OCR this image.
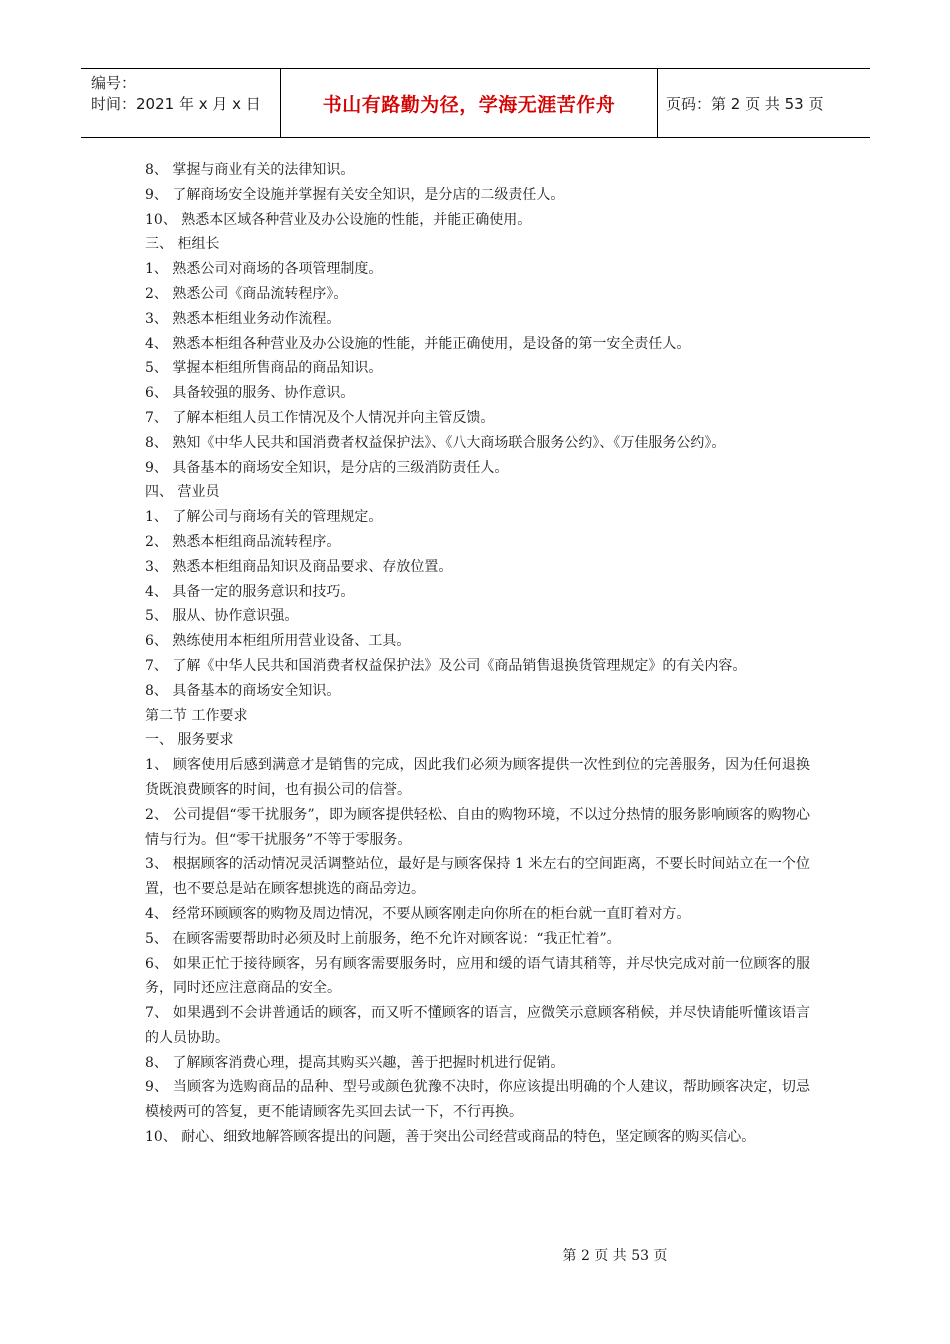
编号：
时间：2021 年 x 月 x 日	书山有路勤为径，学海无涯苦作舟	页码：第 2 页 共 53 页

8、 掌握与商业有关的法律知识。

9、 了解商场安全设施并掌握有关安全知识，是分店的二级责任人。

10、 熟悉本区域各种营业及办公设施的性能，并能正确使用。

三、 柜组长

1、 熟悉公司对商场的各项管理制度。

2、 熟悉公司《商品流转程序》。

3、 熟悉本柜组业务动作流程。

4、 熟悉本柜组各种营业及办公设施的性能，并能正确使用，是设备的第一安全责任人。

5、 掌握本柜组所售商品的商品知识。

6、 具备较强的服务、协作意识。

7、 了解本柜组人员工作情况及个人情况并向主管反馈。

8、 熟知《中华人民共和国消费者权益保护法》、《八大商场联合服务公约》、《万佳服务公约》。

9、 具备基本的商场安全知识，是分店的三级消防责任人。

四、 营业员

1、 了解公司与商场有关的管理规定。

2、 熟悉本柜组商品流转程序。

3、 熟悉本柜组商品知识及商品要求、存放位置。

4、 具备一定的服务意识和技巧。

5、 服从、协作意识强。

6、 熟练使用本柜组所用营业设备、工具。

7、 了解《中华人民共和国消费者权益保护法》及公司《商品销售退换货管理规定》的有关内容。

8、 具备基本的商场安全知识。

第二节 工作要求

一、 服务要求

1、 顾客使用后感到满意才是销售的完成，因此我们必须为顾客提供一次性到位的完善服务，因为任何退换货既浪费顾客的时间，也有损公司的信誉。

2、 公司提倡“零干扰服务”，即为顾客提供轻松、自由的购物环境，不以过分热情的服务影响顾客的购物心情与行为。但“零干扰服务”不等于零服务。

3、 根据顾客的活动情况灵活调整站位，最好是与顾客保持 1 米左右的空间距离，不要长时间站立在一个位置，也不要总是站在顾客想挑选的商品旁边。

4、 经常环顾顾客的购物及周边情况，不要从顾客刚走向你所在的柜台就一直盯着对方。

5、 在顾客需要帮助时必须及时上前服务，绝不允许对顾客说：“我正忙着”。

6、 如果正忙于接待顾客，另有顾客需要服务时，应用和缓的语气请其稍等，并尽快完成对前一位顾客的服务，同时还应注意商品的安全。

7、 如果遇到不会讲普通话的顾客，而又听不懂顾客的语言，应微笑示意顾客稍候，并尽快请能听懂该语言的人员协助。

8、 了解顾客消费心理，提高其购买兴趣，善于把握时机进行促销。

9、 当顾客为选购商品的品种、型号或颜色犹豫不决时，你应该提出明确的个人建议，帮助顾客决定，切忌模棱两可的答复，更不能请顾客先买回去试一下，不行再换。

10、 耐心、细致地解答顾客提出的问题，善于突出公司经营或商品的特色，坚定顾客的购买信心。

第 2 页 共 53 页
